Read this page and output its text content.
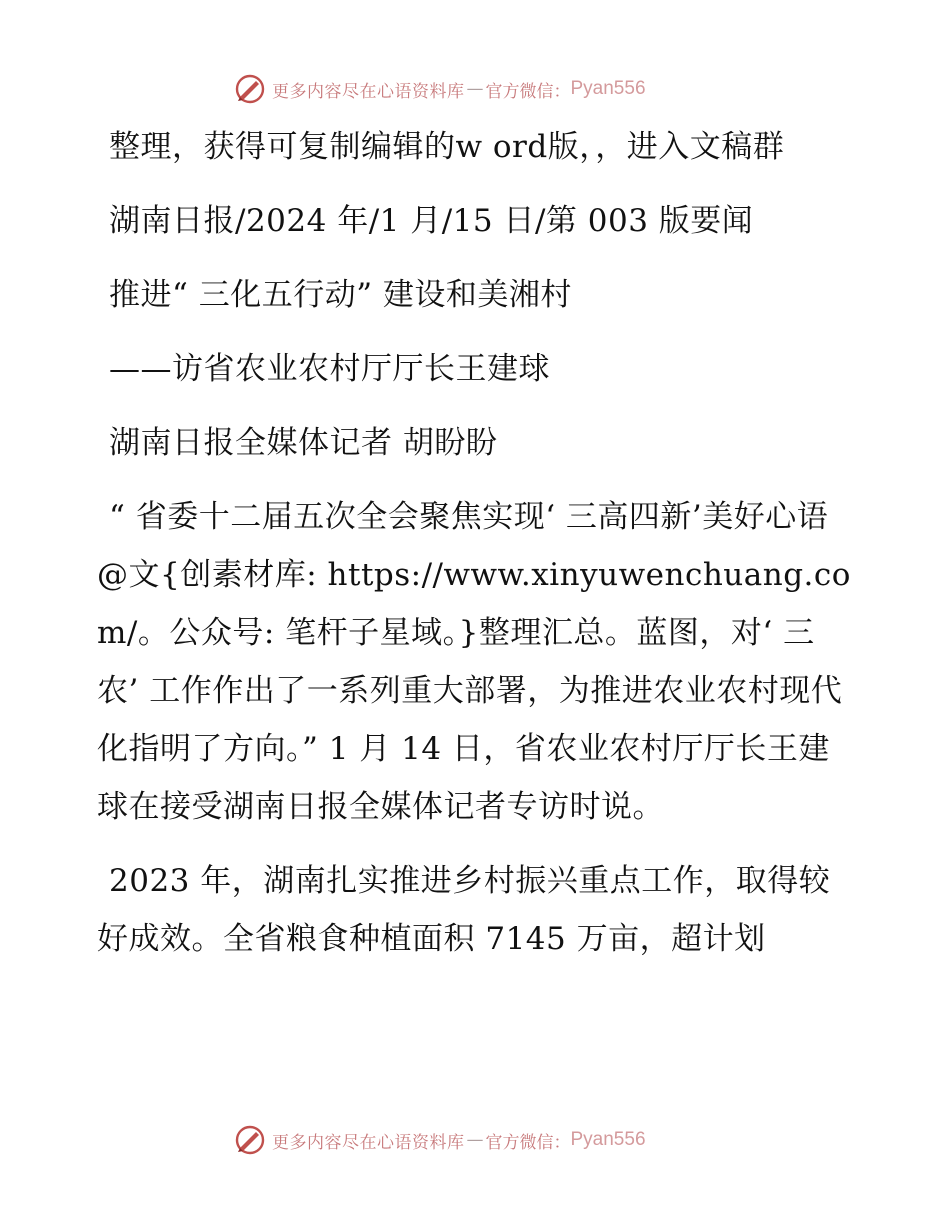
更多内容尽在心语资料库 — 官方微信： Pyan556

整理，获得可复制编辑的w ord版，，进入文稿群

湖南日报/2024 年/1 月/15 日/第 003 版要闻

推进“ 三化五行动” 建设和美湘村

——访省农业农村厅厅长王建球

湖南日报全媒体记者 胡盼盼

“ 省委十二届五次全会聚焦实现‘ 三高四新’美好心语@文{创素材库: https://www.xinyuwenchuang.com/。公众号: 笔杆子星域。}整理汇总。蓝图，对‘ 三农’ 工作作出了一系列重大部署，为推进农业农村现代化指明了方向。” 1 月 14 日，省农业农村厅厅长王建球在接受湖南日报全媒体记者专访时说。

2023 年，湖南扎实推进乡村振兴重点工作，取得较好成效。全省粮食种植面积 7145 万亩，超计划

更多内容尽在心语资料库 — 官方微信： Pyan556
